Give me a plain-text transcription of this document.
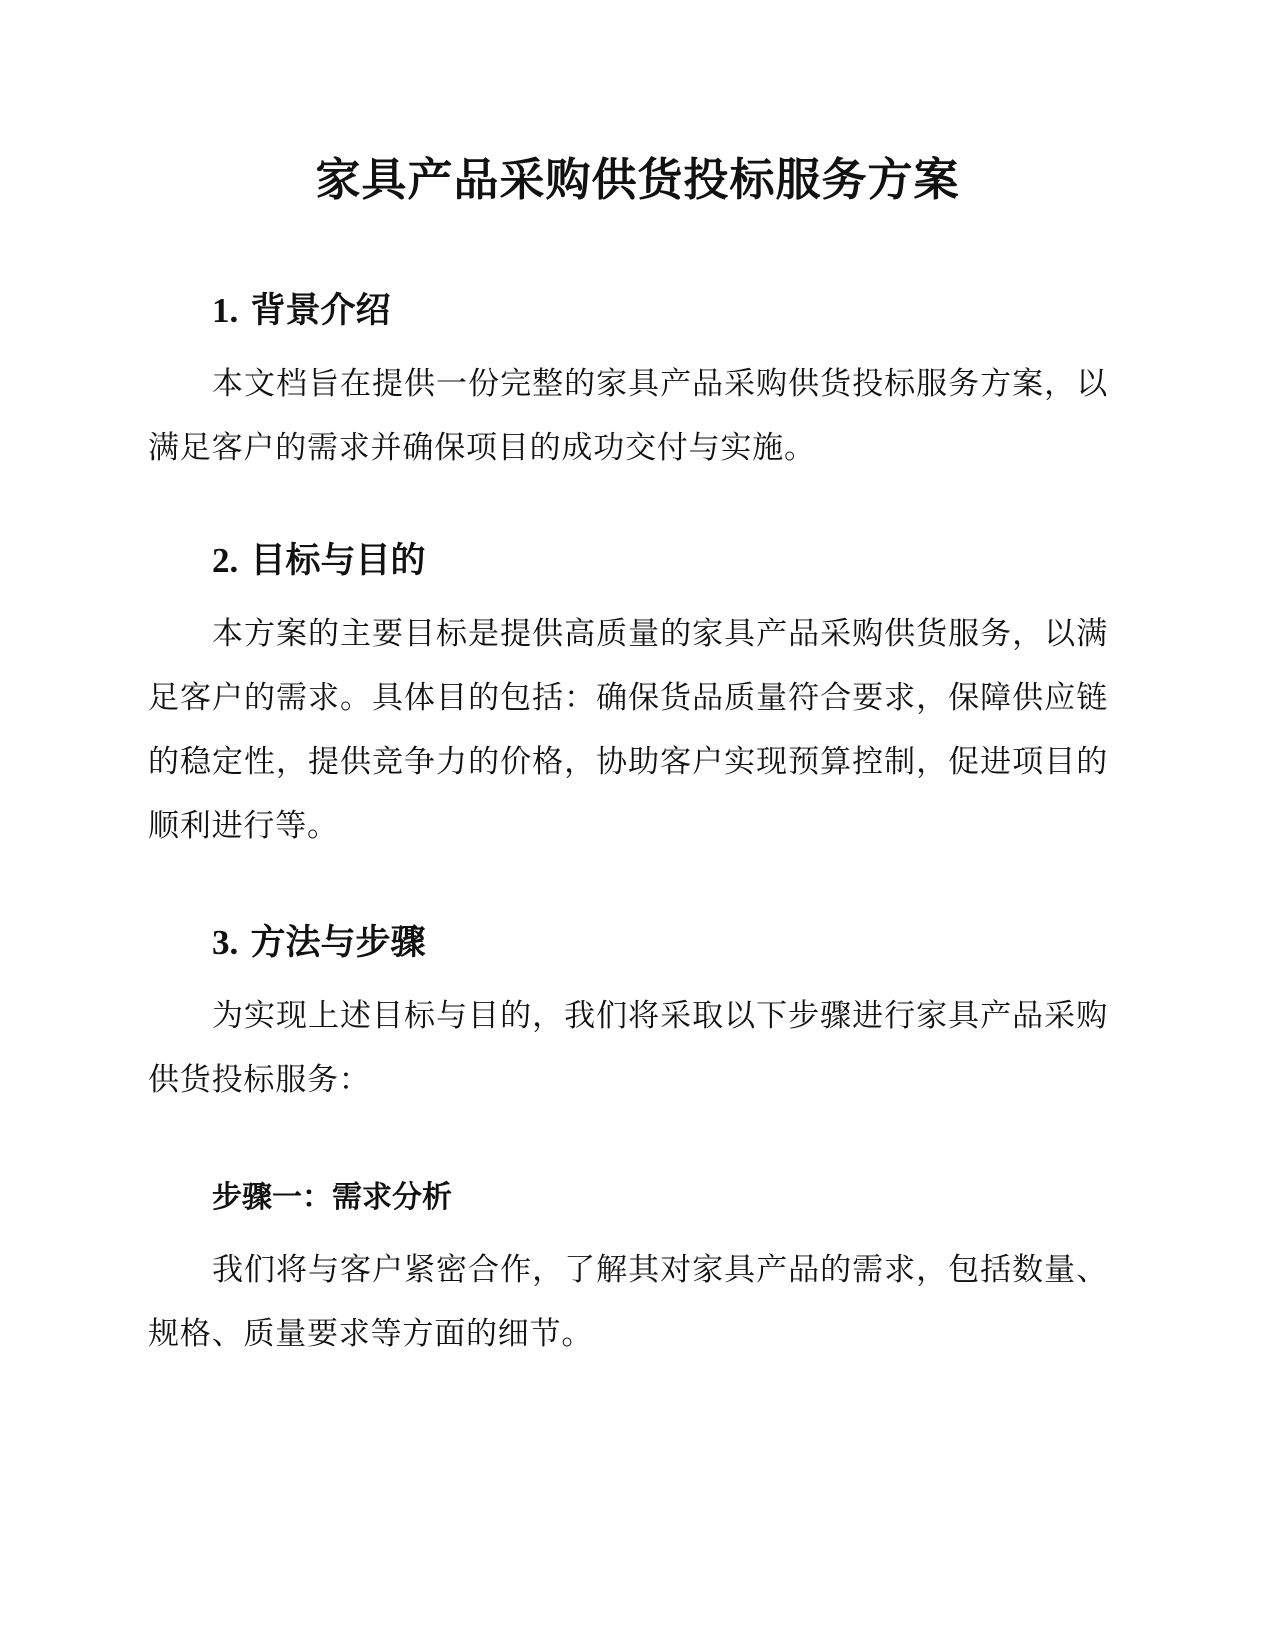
家具产品采购供货投标服务方案
1. 背景介绍

本文档旨在提供一份完整的家具产品采购供货投标服务方案，以满足客户的需求并确保项目的成功交付与实施。

2. 目标与目的

本方案的主要目标是提供高质量的家具产品采购供货服务，以满足客户的需求。具体目的包括：确保货品质量符合要求，保障供应链的稳定性，提供竞争力的价格，协助客户实现预算控制，促进项目的顺利进行等。

3. 方法与步骤

为实现上述目标与目的，我们将采取以下步骤进行家具产品采购供货投标服务：

步骤一：需求分析

我们将与客户紧密合作，了解其对家具产品的需求，包括数量、规格、质量要求等方面的细节。
